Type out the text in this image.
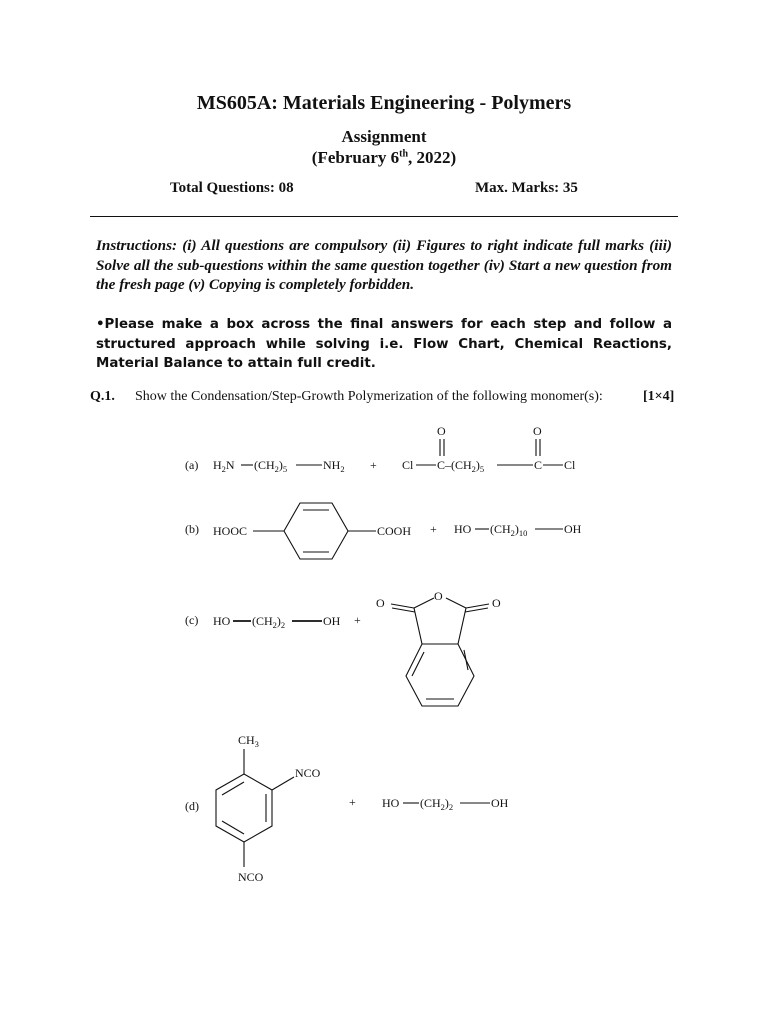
MS605A: Materials Engineering - Polymers
Assignment
(February 6th, 2022)
Total Questions: 08	Max. Marks: 35
Instructions: (i) All questions are compulsory (ii) Figures to right indicate full marks (iii) Solve all the sub-questions within the same question together (iv) Start a new question from the fresh page (v) Copying is completely forbidden.
•Please make a box across the final answers for each step and follow a structured approach while solving i.e. Flow Chart, Chemical Reactions, Material Balance to attain full credit.
Q.1. Show the Condensation/Step-Growth Polymerization of the following monomer(s):	[1×4]
(a) $H_2N$ $(CH_2)_5$	$NH_2 + Cl$ $C-(CH_2)_5$	C Cl
O	O
(b) HOOC	COOH + HO $(CH_2)_{10}$	OH
(c) HO $(CH_2)_2$	OH +
O
O	O
(d)
$CH_3$
NCO
NCO
+ HO $(CH_2)_2$	OH
